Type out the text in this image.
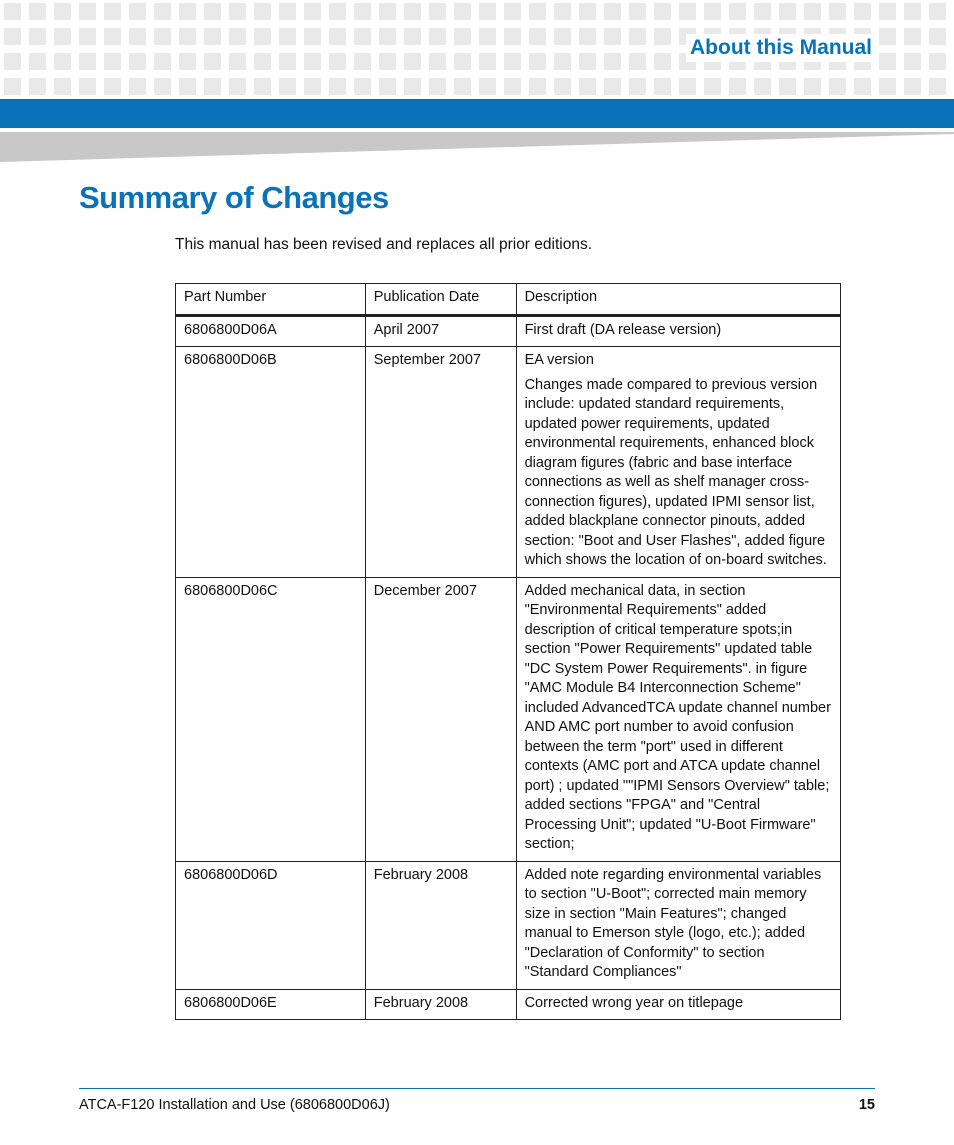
About this Manual
Summary of Changes

This manual has been revised and replaces all prior editions.

Part Number	Publication Date	Description
6806800D06A	April 2007	First draft (DA release version)

6806800D06B	September 2007	EA version

Changes made compared to previous version include: updated standard requirements, updated power requirements, updated environmental requirements, enhanced block diagram figures (fabric and base interface connections as well as shelf manager cross-connection figures), updated IPMI sensor list, added blackplane connector pinouts, added section: "Boot and User Flashes", added figure which shows the location of on-board switches.

6806800D06C	December 2007	Added mechanical data, in section "Environmental Requirements" added description of critical temperature spots;in section "Power Requirements" updated table "DC System Power Requirements". in figure "AMC Module B4 Interconnection Scheme" included AdvancedTCA update channel number AND AMC port number to avoid confusion between the term "port" used in different contexts (AMC port and ATCA update channel port) ; updated ""IPMI Sensors Overview" table; added sections "FPGA" and "Central Processing Unit"; updated "U-Boot Firmware" section;

6806800D06D	February 2008	Added note regarding environmental variables to section "U-Boot"; corrected main memory size in section "Main Features"; changed manual to Emerson style (logo, etc.); added "Declaration of Conformity" to section "Standard Compliances"

6806800D06E	February 2008	Corrected wrong year on titlepage

ATCA-F120 Installation and Use (6806800D06J)	15
